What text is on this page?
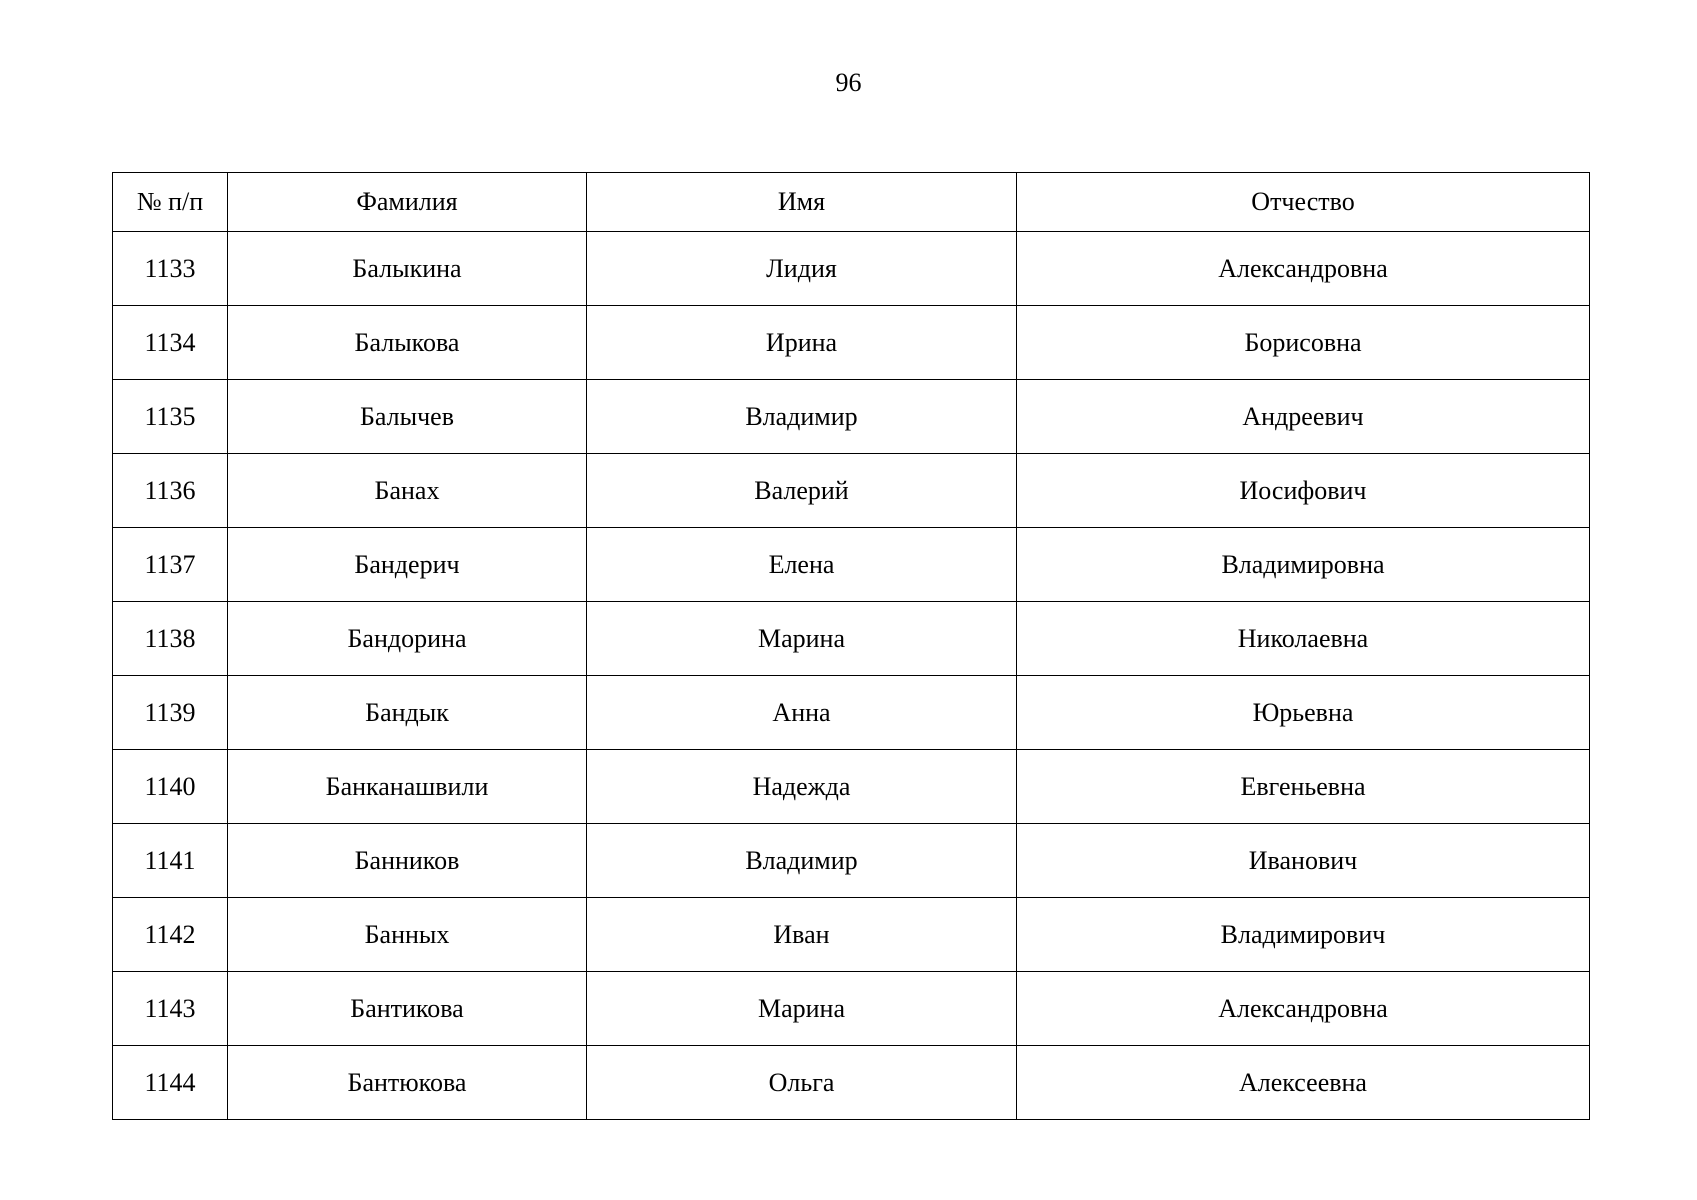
96
№ п/п	Фамилия	Имя	Отчество
1133	Балыкина	Лидия	Александровна
1134	Балыкова	Ирина	Борисовна
1135	Балычев	Владимир	Андреевич
1136	Банах	Валерий	Иосифович
1137	Бандерич	Елена	Владимировна
1138	Бандорина	Марина	Николаевна
1139	Бандык	Анна	Юрьевна
1140	Банканашвили	Надежда	Евгеньевна
1141	Банников	Владимир	Иванович
1142	Банных	Иван	Владимирович
1143	Бантикова	Марина	Александровна
1144	Бантюкова	Ольга	Алексеевна
